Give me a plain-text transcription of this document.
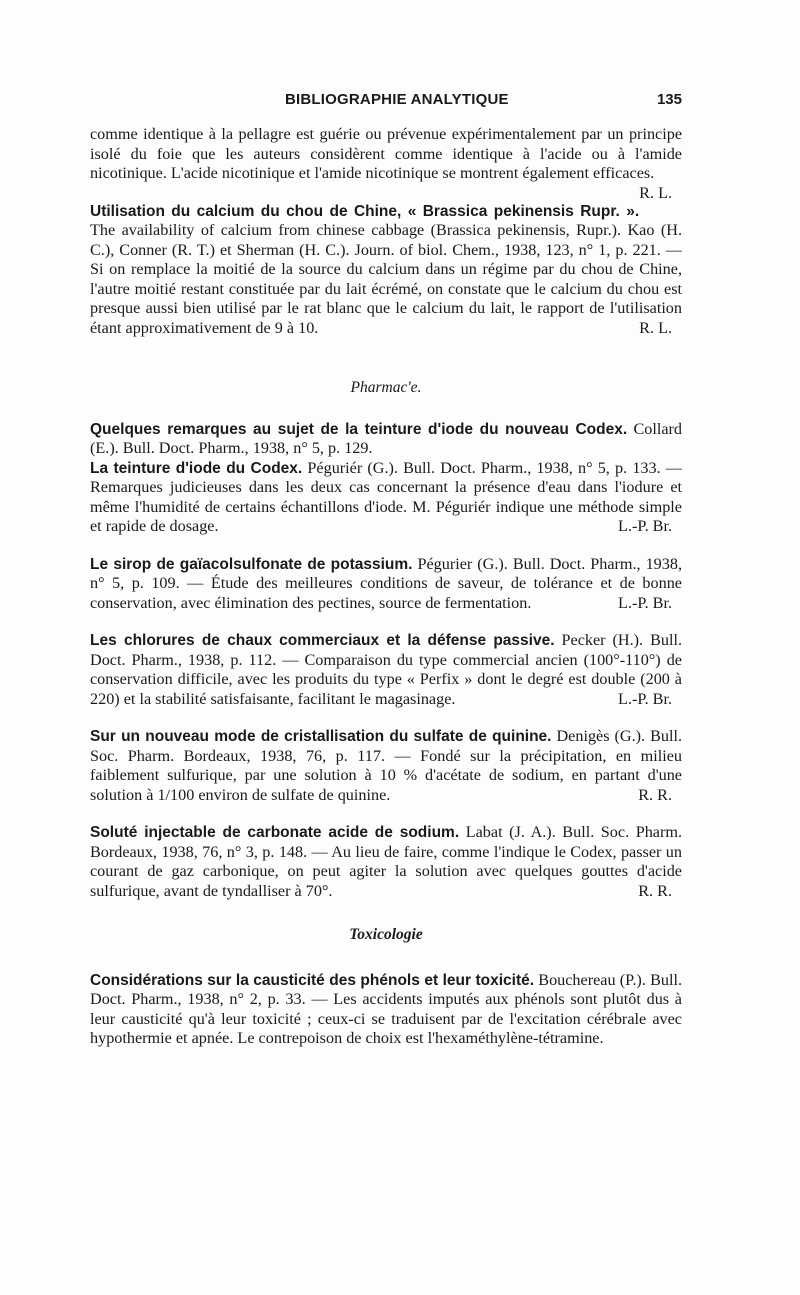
BIBLIOGRAPHIE ANALYTIQUE	135

comme identique à la pellagre est guérie ou prévenue expérimentalement par un principe isolé du foie que les auteurs considèrent comme identique à l'acide ou à l'amide nicotinique. L'acide nicotinique et l'amide nicotinique se montrent également efficaces.
R. L.

Utilisation du calcium du chou de Chine, « Brassica pekinensis Rupr. ». The availability of calcium from chinese cabbage (Brassica pekinensis, Rupr.). Kao (H. C.), Conner (R. T.) et Sherman (H. C.). Journ. of biol. Chem., 1938, 123, n° 1, p. 221. — Si on remplace la moitié de la source du calcium dans un régime par du chou de Chine, l'autre moitié restant constituée par du lait écrémé, on constate que le calcium du chou est presque aussi bien utilisé par le rat blanc que le calcium du lait, le rapport de l'utilisation étant approximativement de 9 à 10.	R. L.

Pharmac'e.

Quelques remarques au sujet de la teinture d'iode du nouveau Codex. Collard (E.). Bull. Doct. Pharm., 1938, n° 5, p. 129.

La teinture d'iode du Codex. Péguriér (G.). Bull. Doct. Pharm., 1938, n° 5, p. 133. — Remarques judicieuses dans les deux cas concernant la présence d'eau dans l'iodure et même l'humidité de certains échantillons d'iode. M. Péguriér indique une méthode simple et rapide de dosage.	L.-P. Br.

Le sirop de gaïacolsulfonate de potassium. Pégurier (G.). Bull. Doct. Pharm., 1938, n° 5, p. 109. — Étude des meilleures conditions de saveur, de tolérance et de bonne conservation, avec élimination des pectines, source de fermentation.	L.-P. Br.

Les chlorures de chaux commerciaux et la défense passive. Pecker (H.). Bull. Doct. Pharm., 1938, p. 112. — Comparaison du type commercial ancien (100°-110°) de conservation difficile, avec les produits du type « Perfix » dont le degré est double (200 à 220) et la stabilité satisfaisante, facilitant le magasinage.	L.-P. Br.

Sur un nouveau mode de cristallisation du sulfate de quinine. Denigès (G.). Bull. Soc. Pharm. Bordeaux, 1938, 76, p. 117. — Fondé sur la précipitation, en milieu faiblement sulfurique, par une solution à 10 % d'acétate de sodium, en partant d'une solution à 1/100 environ de sulfate de quinine.	R. R.

Soluté injectable de carbonate acide de sodium. Labat (J. A.). Bull. Soc. Pharm. Bordeaux, 1938, 76, n° 3, p. 148. — Au lieu de faire, comme l'indique le Codex, passer un courant de gaz carbonique, on peut agiter la solution avec quelques gouttes d'acide sulfurique, avant de tyndalliser à 70°.	R. R.

Toxicologie

Considérations sur la causticité des phénols et leur toxicité. Bouchereau (P.). Bull. Doct. Pharm., 1938, n° 2, p. 33. — Les accidents imputés aux phénols sont plutôt dus à leur causticité qu'à leur toxicité ; ceux-ci se traduisent par de l'excitation cérébrale avec hypothermie et apnée. Le contrepoison de choix est l'hexaméthylène-tétramine.
